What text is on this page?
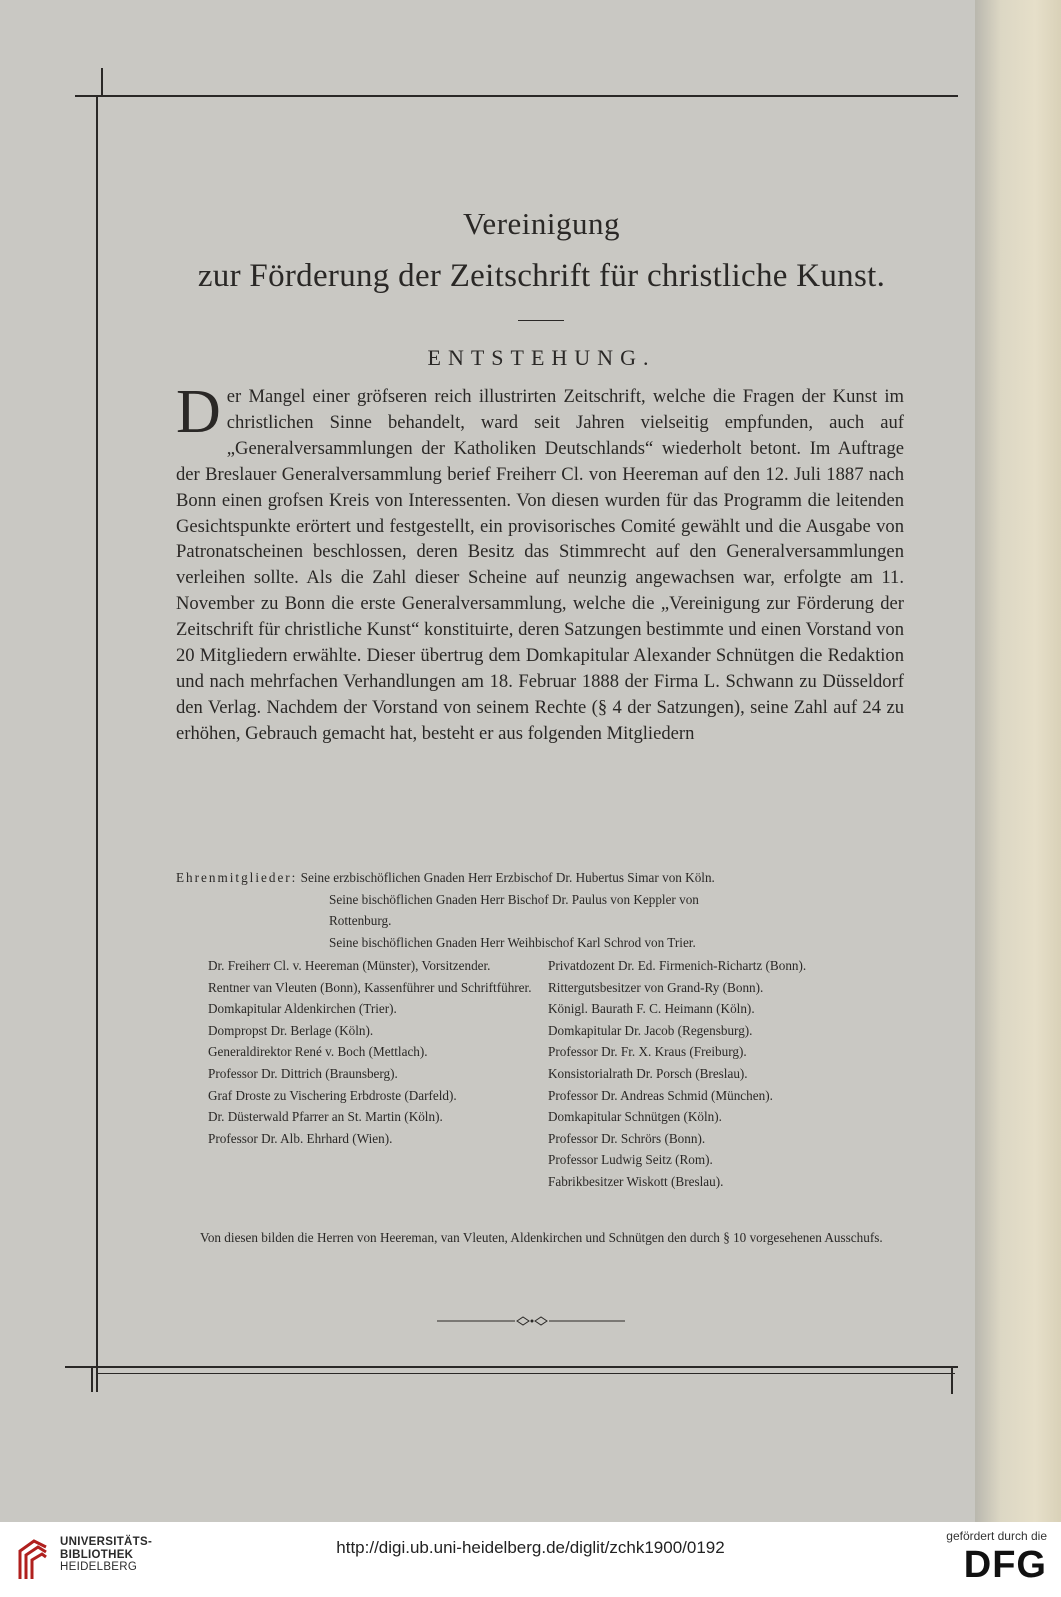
Vereinigung
zur Förderung der Zeitschrift für christliche Kunst.
ENTSTEHUNG.

Der Mangel einer gröfseren reich illustrirten Zeitschrift, welche die Fragen der Kunst im christlichen Sinne behandelt, ward seit Jahren vielseitig empfunden, auch auf „Generalversammlungen der Katholiken Deutschlands“ wiederholt betont. Im Auftrage der Breslauer Generalversammlung berief Freiherr Cl. von Heereman auf den 12. Juli 1887 nach Bonn einen grofsen Kreis von Interessenten. Von diesen wurden für das Programm die leitenden Gesichtspunkte erörtert und festgestellt, ein provisorisches Comité gewählt und die Ausgabe von Patronatscheinen beschlossen, deren Besitz das Stimmrecht auf den Generalversammlungen verleihen sollte. Als die Zahl dieser Scheine auf neunzig angewachsen war, erfolgte am 11. November zu Bonn die erste Generalversammlung, welche die „Vereinigung zur Förderung der Zeitschrift für christliche Kunst“ konstituirte, deren Satzungen bestimmte und einen Vorstand von 20 Mitgliedern erwählte. Dieser übertrug dem Domkapitular Alexander Schnütgen die Redaktion und nach mehrfachen Verhandlungen am 18. Februar 1888 der Firma L. Schwann zu Düsseldorf den Verlag. Nachdem der Vorstand von seinem Rechte (§ 4 der Satzungen), seine Zahl auf 24 zu erhöhen, Gebrauch gemacht hat, besteht er aus folgenden Mitgliedern

Ehrenmitglieder: Seine erzbischöflichen Gnaden Herr Erzbischof Dr. Hubertus Simar von Köln.
Seine bischöflichen Gnaden Herr Bischof Dr. Paulus von Keppler von
Rottenburg.
Seine bischöflichen Gnaden Herr Weihbischof Karl Schrod von Trier.
Dr. Freiherr Cl. v. Heereman (Münster), Vorsitzender.
Rentner van Vleuten (Bonn), Kassenführer und Schriftführer.
Domkapitular Aldenkirchen (Trier).
Dompropst Dr. Berlage (Köln).
Generaldirektor René v. Boch (Mettlach).
Professor Dr. Dittrich (Braunsberg).
Graf Droste zu Vischering Erbdroste (Darfeld).
Dr. Düsterwald Pfarrer an St. Martin (Köln).
Professor Dr. Alb. Ehrhard (Wien).
Privatdozent Dr. Ed. Firmenich-Richartz (Bonn).
Rittergutsbesitzer von Grand-Ry (Bonn).
Königl. Baurath F. C. Heimann (Köln).
Domkapitular Dr. Jacob (Regensburg).
Professor Dr. Fr. X. Kraus (Freiburg).
Konsistorialrath Dr. Porsch (Breslau).
Professor Dr. Andreas Schmid (München).
Domkapitular Schnütgen (Köln).
Professor Dr. Schrörs (Bonn).
Professor Ludwig Seitz (Rom).
Fabrikbesitzer Wiskott (Breslau).
Von diesen bilden die Herren von Heereman, van Vleuten, Aldenkirchen und Schnütgen den durch § 10 vorgesehenen Ausschufs.
UNIVERSITÄTS-
BIBLIOTHEK
HEIDELBERG
http://digi.ub.uni-heidelberg.de/diglit/zchk1900/0192
gefördert durch die
DFG
